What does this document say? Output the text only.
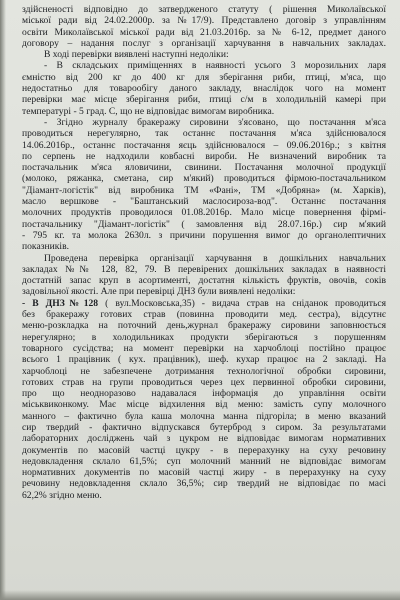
здійсненості відповідно до затвердженого статуту ( рішення Миколаївської
міської ради від 24.02.2000р. за №17/9). Представлено договір з управлінням
освіти Миколаївської міської ради від 21.03.2016р. за № 6-12, предмет даного
договору – надання послуг з організації харчування в навчальних закладах.
В ході перевірки виявлені наступні недоліки:
- В складських приміщеннях в наявності усього 3 морозильних ларя
ємністю від 200 кг до 400 кг для зберігання риби, птиці, м'яса, що
недостатньо для товарообігу даного закладу, внаслідок чого на момент
перевірки має місце зберігання риби, птиці с/м в холодильній камері при
температурі - 5 град. С, що не відповідає вимогам виробника.
- Згідно журналу бракеражу сировини з'ясовано, що постачання м'яса
проводиться нерегулярно, так останнє постачання м'яса здійснювалося
14.06.2016р., останнє постачання яєць здійснювалося – 09.06.2016р.; з квітня
по серпень не надходили ковбасні вироби. Не визначений виробник та
постачальник м'яса яловичини, свинини. Постачання молочної продукції
(молоко, ряжанка, сметана, сир м'який) проводиться фірмою-постачальником
"Діамант-логістік" від виробника ТМ «Фані», ТМ «Добряна» (м. Харків),
масло вершкове - "Баштанський маслосироза-вод". Останнє постачання
молочних продуктів проводилося 01.08.2016р. Мало місце повернення фірмі-
постачальнику "Діамант-логістік" ( замовлення від 28.07.16р.) сир м'який
- 795 кг. та молока 2630л. з причини порушення вимог до органолептичних
показників.
Проведена перевірка організації харчування в дошкільних навчальних
закладах №№ 128, 82, 79. В перевірених дошкільних закладах в наявності
достатній запас круп в асортименті, достатня кількість фруктів, овочів, соків
задовільної якості. Але при перевірці ДНЗ були виявлені недоліки:
- В ДНЗ№128 ( вул.Московська,35) - видача страв на сніданок проводиться
без бракеражу готових страв (повинна проводити мед. сестра), відсутнє
меню-розкладка на поточний день,журнал бракеражу сировини заповнюється
нерегулярно; в холодильниках продукти зберігаються з порушенням
товарного сусідства; на момент перевірки на харчоблоці постійно працює
всього 1 працівник ( кух. працівник), шеф. кухар працює на 2 закладі. На
харчоблоці не забезпечене дотримання технологічної обробки сировини,
готових страв на групи проводиться через цех первинної обробки сировини,
про що неодноразово надавалася інформація до управління освіти
міськвиконкому. Має місце відхилення від меню: замість супу молочного
манного – фактично була каша молочна манна підгоріла; в меню вказаний
сир твердий - фактично відпускався бутерброд з сиром. За результатами
лабораторних досліджень чай з цукром не відповідає вимогам нормативних
документів по масовій частці цукру - в перерахунку на суху речовину
недовкладення склало 61,5%; суп молочний манний не відповідає вимогам
нормативних документів по масовій частці жиру - в перерахунку на суху
речовину недовкладення склало 36,5%; сир твердий не відповідає по масі
62,2% згідно меню.
